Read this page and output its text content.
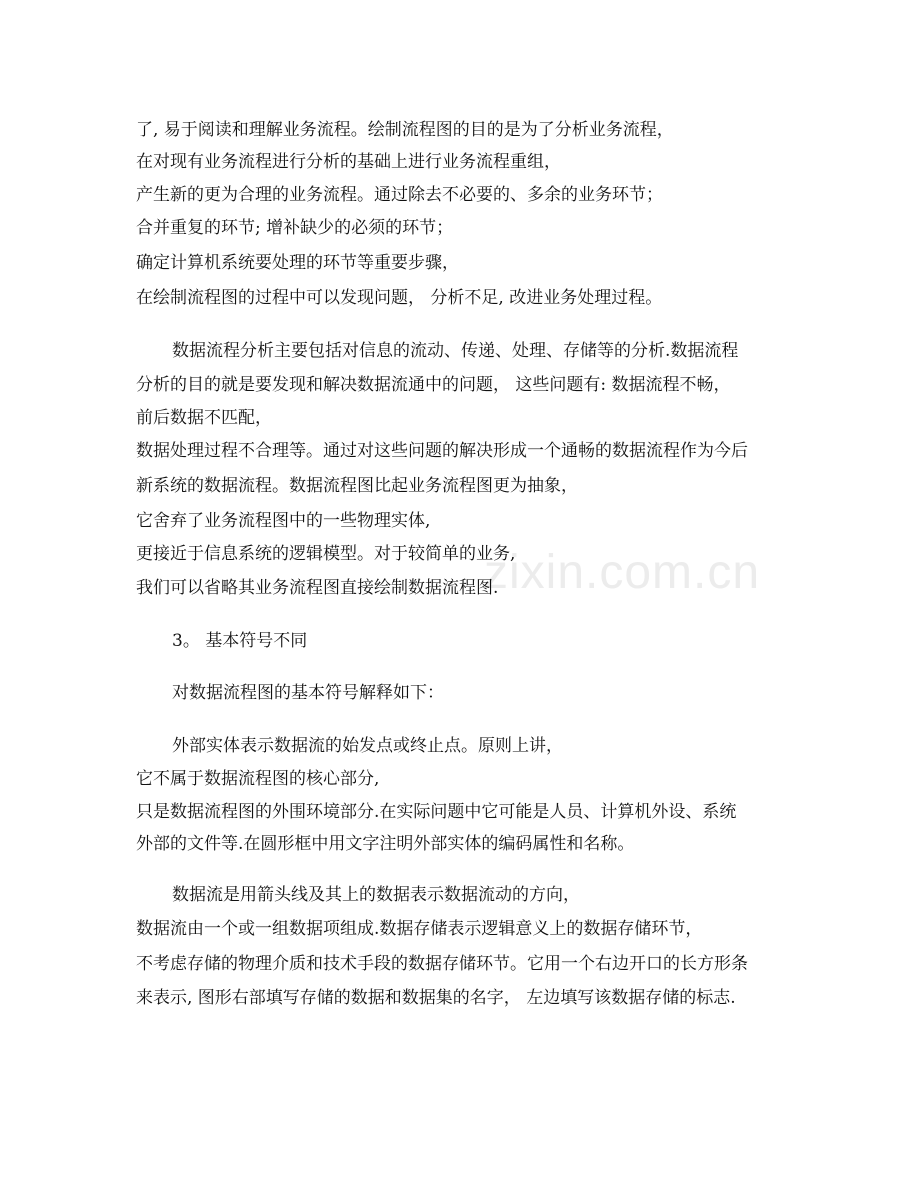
zixin.com.cn
了, 易于阅读和理解业务流程。绘制流程图的目的是为了分析业务流程，
在对现有业务流程进行分析的基础上进行业务流程重组，
产生新的更为合理的业务流程。通过除去不必要的、多余的业务环节；
合并重复的环节; 增补缺少的必须的环节；
确定计算机系统要处理的环节等重要步骤，
在绘制流程图的过程中可以发现问题， 分析不足, 改进业务处理过程。
数据流程分析主要包括对信息的流动、传递、处理、存储等的分析.数据流程
分析的目的就是要发现和解决数据流通中的问题， 这些问题有: 数据流程不畅，
前后数据不匹配，
数据处理过程不合理等。通过对这些问题的解决形成一个通畅的数据流程作为今后
新系统的数据流程。数据流程图比起业务流程图更为抽象，
它舍弃了业务流程图中的一些物理实体,
更接近于信息系统的逻辑模型。对于较简单的业务,
我们可以省略其业务流程图直接绘制数据流程图.
3。 基本符号不同
对数据流程图的基本符号解释如下：
外部实体表示数据流的始发点或终止点。原则上讲，
它不属于数据流程图的核心部分,
只是数据流程图的外围环境部分.在实际问题中它可能是人员、计算机外设、系统
外部的文件等.在圆形框中用文字注明外部实体的编码属性和名称。
数据流是用箭头线及其上的数据表示数据流动的方向，
数据流由一个或一组数据项组成.数据存储表示逻辑意义上的数据存储环节，
不考虑存储的物理介质和技术手段的数据存储环节。它用一个右边开口的长方形条
来表示, 图形右部填写存储的数据和数据集的名字， 左边填写该数据存储的标志.
